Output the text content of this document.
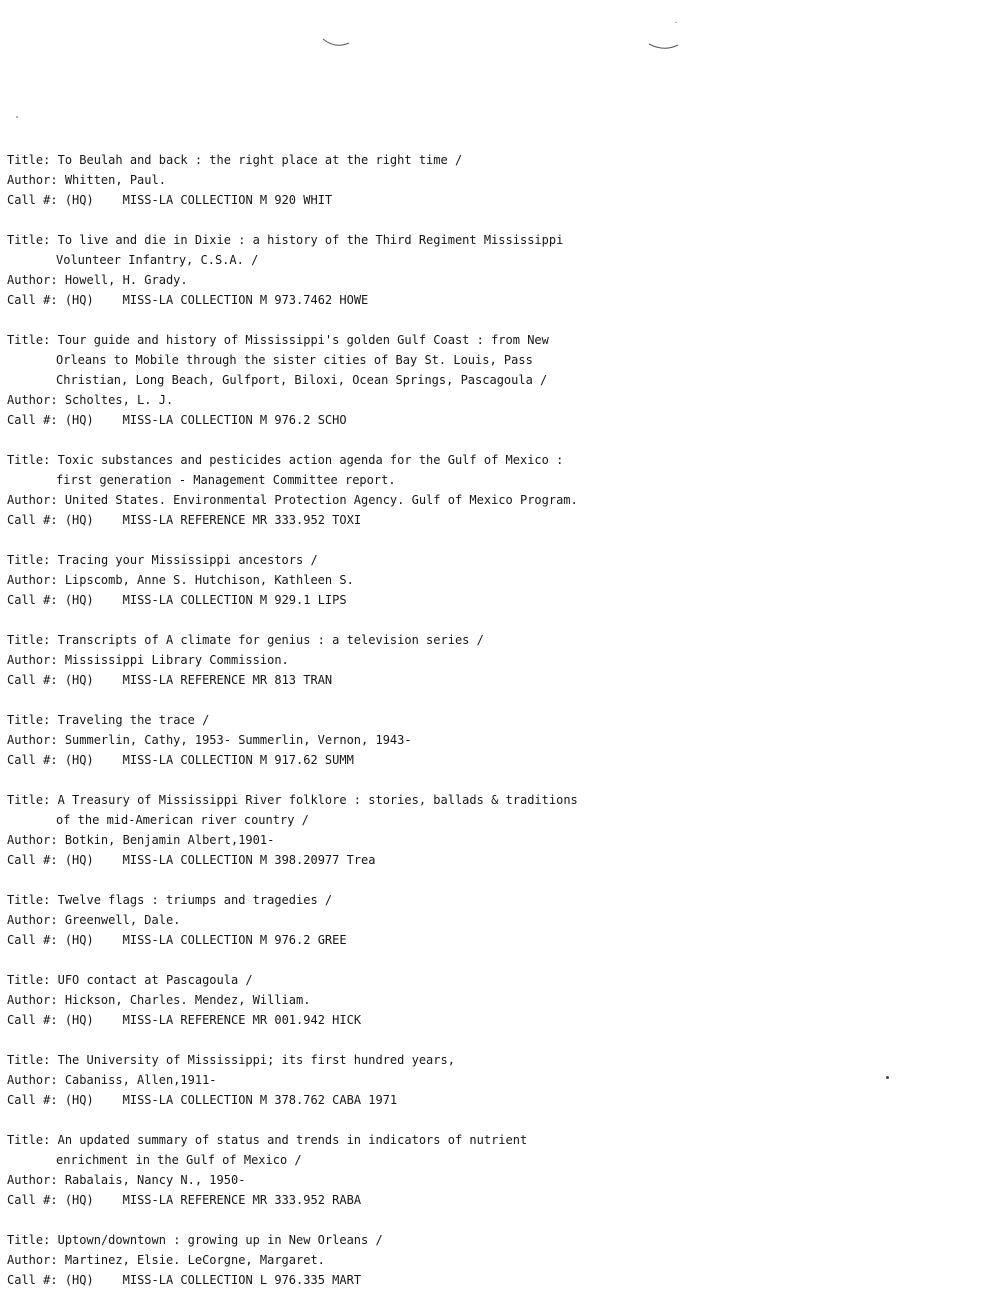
Title: To Beulah and back : the right place at the right time /
Author: Whitten, Paul.
Call #: (HQ) MISS-LA COLLECTION M 920 WHIT
Title: To live and die in Dixie : a history of the Third Regiment Mississippi
Volunteer Infantry, C.S.A. /
Author: Howell, H. Grady.
Call #: (HQ) MISS-LA COLLECTION M 973.7462 HOWE
Title: Tour guide and history of Mississippi's golden Gulf Coast : from New
Orleans to Mobile through the sister cities of Bay St. Louis, Pass
Christian, Long Beach, Gulfport, Biloxi, Ocean Springs, Pascagoula /
Author: Scholtes, L. J.
Call #: (HQ) MISS-LA COLLECTION M 976.2 SCHO
Title: Toxic substances and pesticides action agenda for the Gulf of Mexico :
first generation - Management Committee report.
Author: United States. Environmental Protection Agency. Gulf of Mexico Program.
Call #: (HQ) MISS-LA REFERENCE MR 333.952 TOXI
Title: Tracing your Mississippi ancestors /
Author: Lipscomb, Anne S. Hutchison, Kathleen S.
Call #: (HQ) MISS-LA COLLECTION M 929.1 LIPS
Title: Transcripts of A climate for genius : a television series /
Author: Mississippi Library Commission.
Call #: (HQ) MISS-LA REFERENCE MR 813 TRAN
Title: Traveling the trace /
Author: Summerlin, Cathy, 1953- Summerlin, Vernon, 1943-
Call #: (HQ) MISS-LA COLLECTION M 917.62 SUMM
Title: A Treasury of Mississippi River folklore : stories, ballads & traditions
of the mid-American river country /
Author: Botkin, Benjamin Albert,1901-
Call #: (HQ) MISS-LA COLLECTION M 398.20977 Trea
Title: Twelve flags : triumps and tragedies /
Author: Greenwell, Dale.
Call #: (HQ) MISS-LA COLLECTION M 976.2 GREE
Title: UFO contact at Pascagoula /
Author: Hickson, Charles. Mendez, William.
Call #: (HQ) MISS-LA REFERENCE MR 001.942 HICK
Title: The University of Mississippi; its first hundred years,
Author: Cabaniss, Allen,1911-
Call #: (HQ) MISS-LA COLLECTION M 378.762 CABA 1971
Title: An updated summary of status and trends in indicators of nutrient
enrichment in the Gulf of Mexico /
Author: Rabalais, Nancy N., 1950-
Call #: (HQ) MISS-LA REFERENCE MR 333.952 RABA
Title: Uptown/downtown : growing up in New Orleans /
Author: Martinez, Elsie. LeCorgne, Margaret.
Call #: (HQ) MISS-LA COLLECTION L 976.335 MART
